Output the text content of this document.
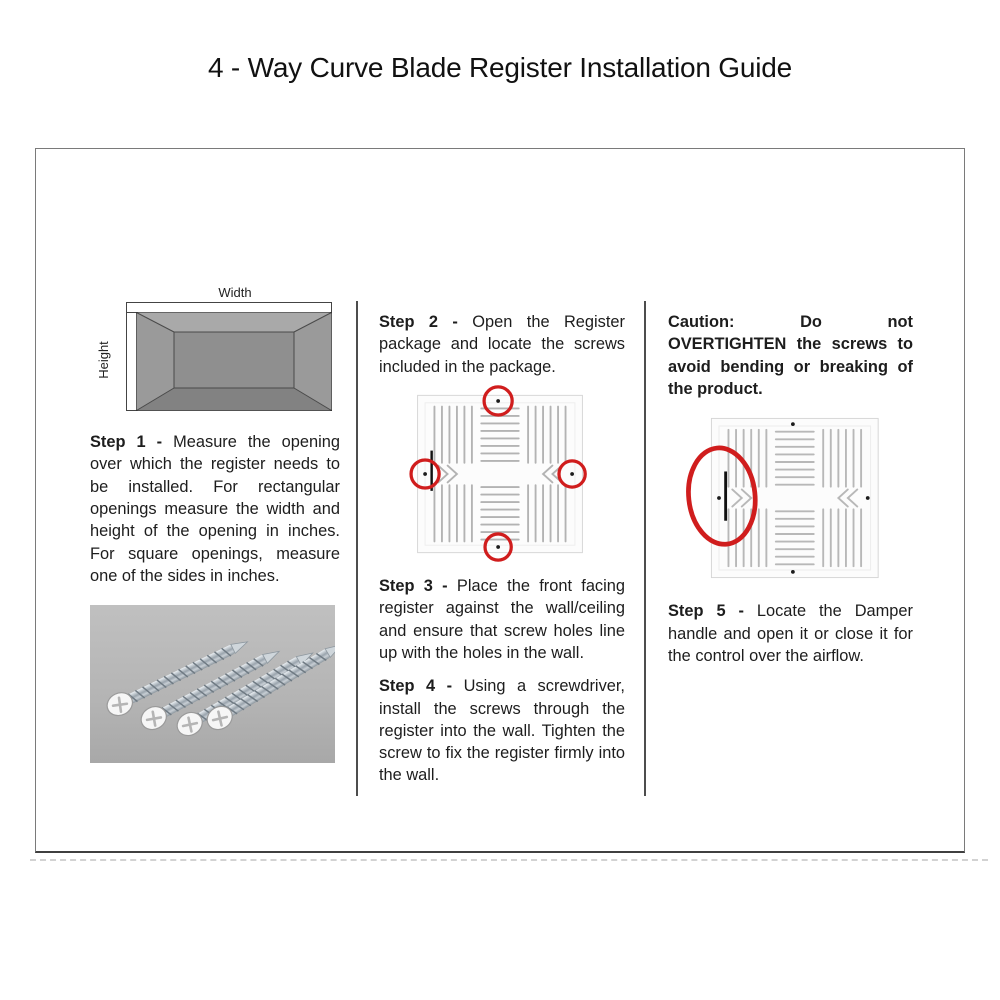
4 - Way Curve Blade Register Installation Guide
Width
Height

Step 1 - Measure the opening over which the register needs to be installed. For rectangular openings measure the width and height of the opening in inches. For square openings, measure one of the sides in inches.

Step 2 - Open the Register package and locate the screws included in the package.

Step 3 - Place the front facing register against the wall/ceiling and ensure that screw holes line up with the holes in the wall.

Step 4 - Using a screwdriver, install the screws through the register into the wall. Tighten the screw to fix the register firmly into the wall.

Caution:	Do not OVERTIGHTEN the screws to avoid bending or breaking of the product.

Step 5 - Locate the Damper handle and open it or close it for the control over the airflow.
